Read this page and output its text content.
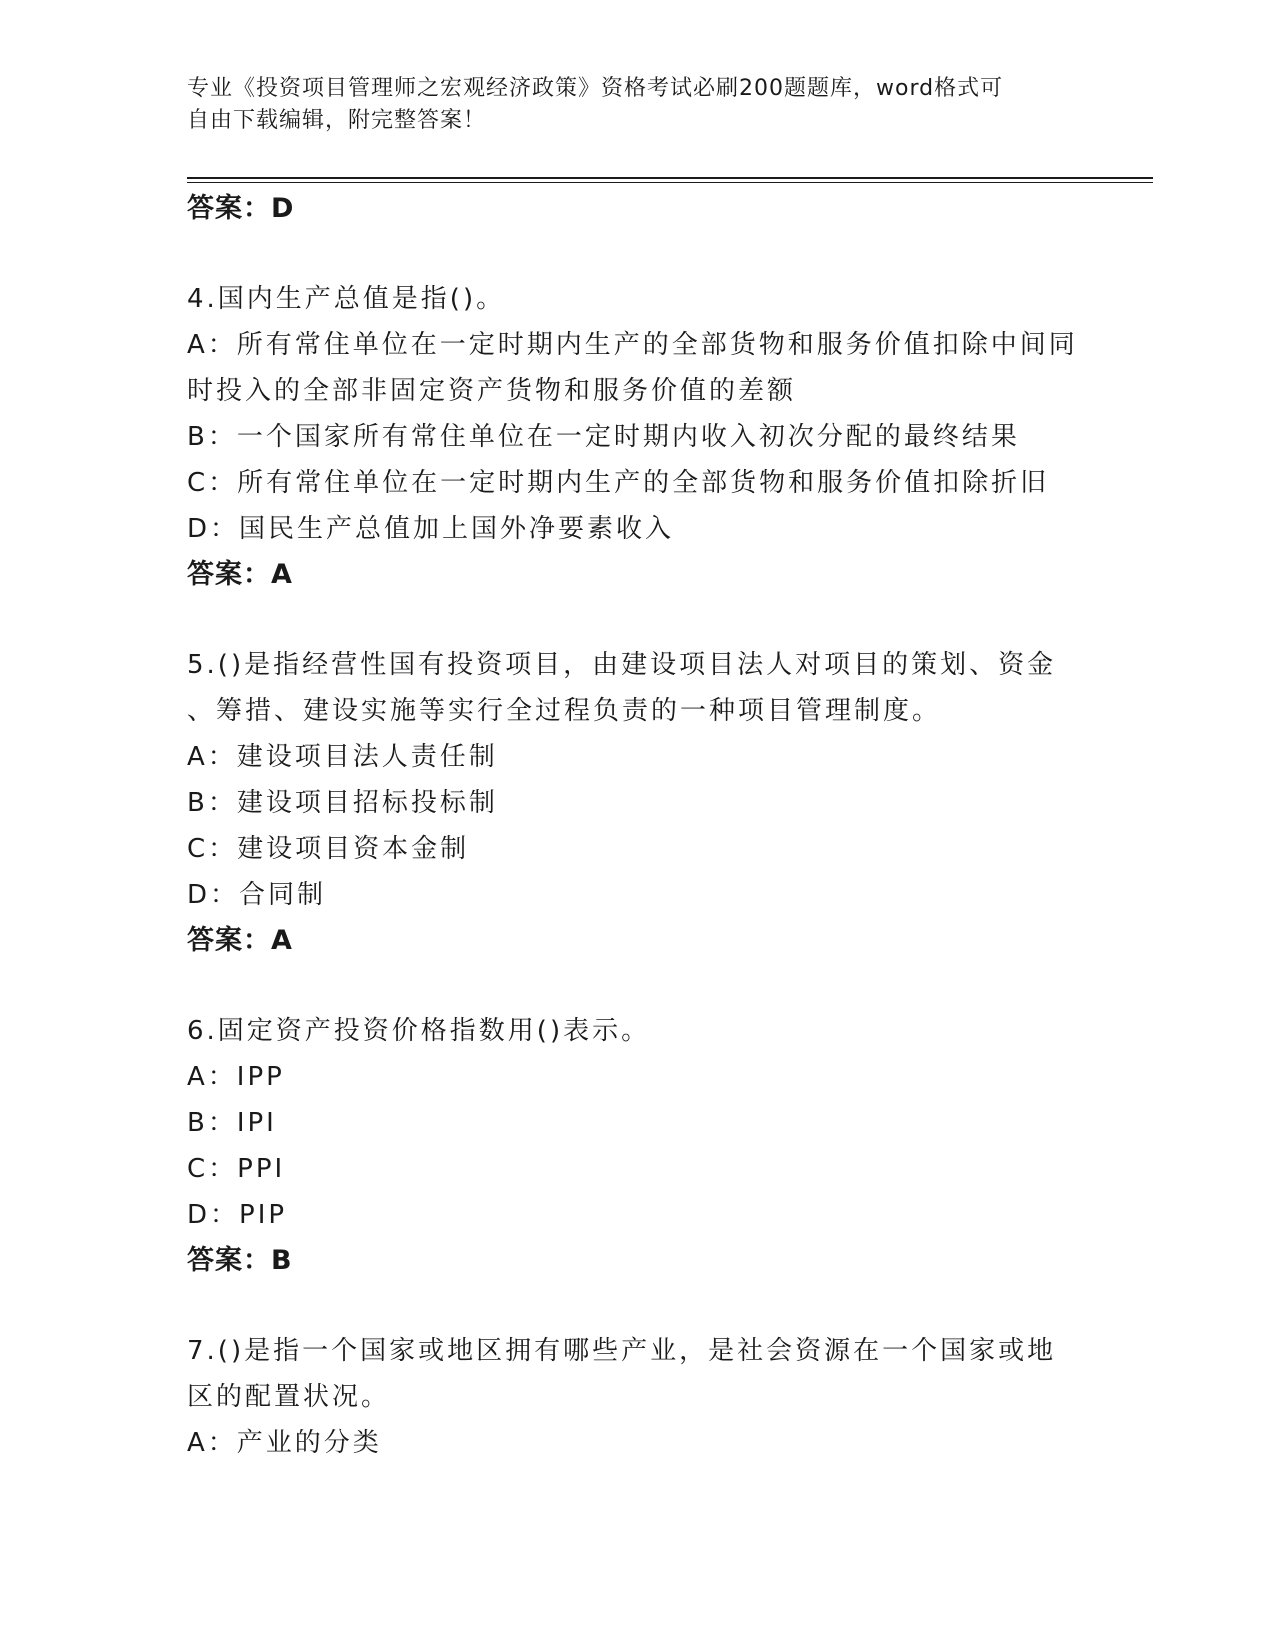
专业《投资项目管理师之宏观经济政策》资格考试必刷200题题库，word格式可
自由下载编辑，附完整答案！
答案：D
4.国内生产总值是指()。
A：所有常住单位在一定时期内生产的全部货物和服务价值扣除中间同
时投入的全部非固定资产货物和服务价值的差额
B：一个国家所有常住单位在一定时期内收入初次分配的最终结果
C：所有常住单位在一定时期内生产的全部货物和服务价值扣除折旧
D：国民生产总值加上国外净要素收入
答案：A
5.()是指经营性国有投资项目，由建设项目法人对项目的策划、资金
、筹措、建设实施等实行全过程负责的一种项目管理制度。
A：建设项目法人责任制
B：建设项目招标投标制
C：建设项目资本金制
D：合同制
答案：A
6.固定资产投资价格指数用()表示。
A：IPP
B：IPI
C：PPI
D：PIP
答案：B
7.()是指一个国家或地区拥有哪些产业，是社会资源在一个国家或地
区的配置状况。
A：产业的分类
